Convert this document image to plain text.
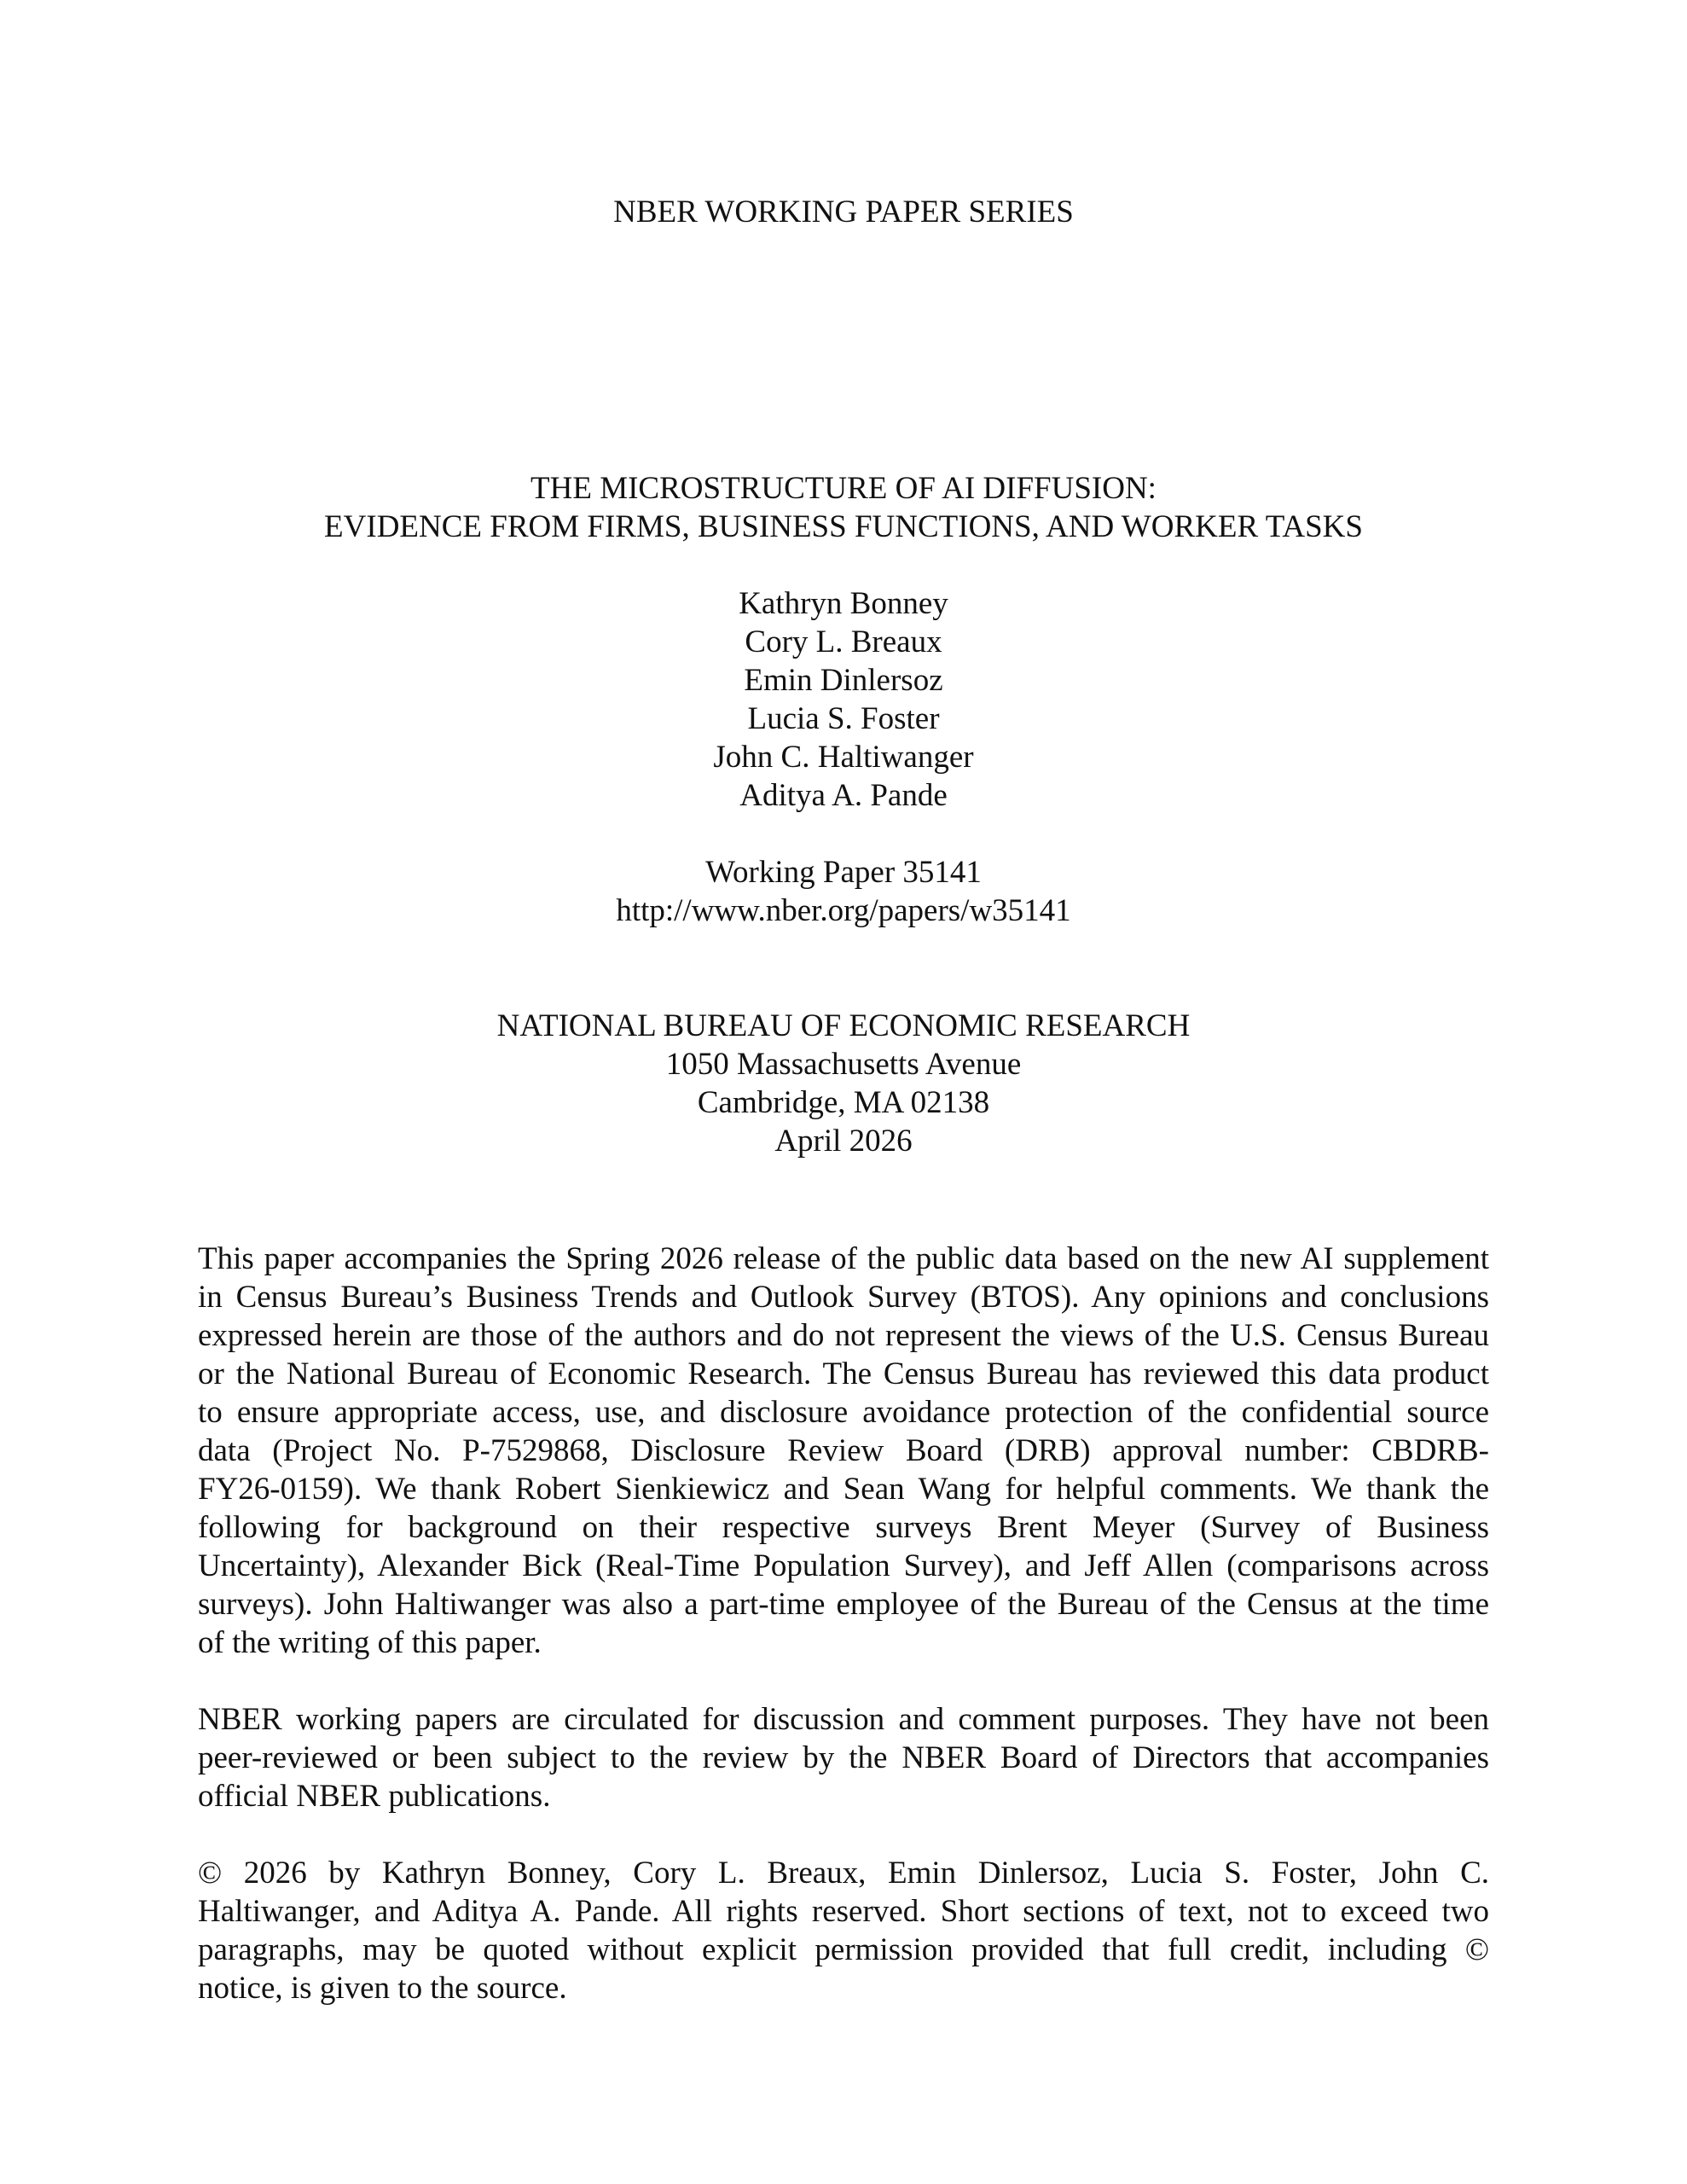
NBER WORKING PAPER SERIES
THE MICROSTRUCTURE OF AI DIFFUSION:
EVIDENCE FROM FIRMS, BUSINESS FUNCTIONS, AND WORKER TASKS
Kathryn Bonney
Cory L. Breaux
Emin Dinlersoz
Lucia S. Foster
John C. Haltiwanger
Aditya A. Pande
Working Paper 35141
http://www.nber.org/papers/w35141
NATIONAL BUREAU OF ECONOMIC RESEARCH
1050 Massachusetts Avenue
Cambridge, MA 02138
April 2026
This paper accompanies the Spring 2026 release of the public data based on the new AI supplement
in Census Bureau’s Business Trends and Outlook Survey (BTOS). Any opinions and conclusions
expressed herein are those of the authors and do not represent the views of the U.S. Census Bureau
or the National Bureau of Economic Research. The Census Bureau has reviewed this data product
to ensure appropriate access, use, and disclosure avoidance protection of the confidential source
data (Project No. P-7529868, Disclosure Review Board (DRB) approval number: CBDRB-
FY26-0159). We thank Robert Sienkiewicz and Sean Wang for helpful comments. We thank the
following for background on their respective surveys Brent Meyer (Survey of Business
Uncertainty), Alexander Bick (Real-Time Population Survey), and Jeff Allen (comparisons across
surveys). John Haltiwanger was also a part-time employee of the Bureau of the Census at the time
of the writing of this paper.
NBER working papers are circulated for discussion and comment purposes. They have not been
peer-reviewed or been subject to the review by the NBER Board of Directors that accompanies
official NBER publications.
© 2026 by Kathryn Bonney, Cory L. Breaux, Emin Dinlersoz, Lucia S. Foster, John C.
Haltiwanger, and Aditya A. Pande. All rights reserved. Short sections of text, not to exceed two
paragraphs, may be quoted without explicit permission provided that full credit, including ©
notice, is given to the source.
